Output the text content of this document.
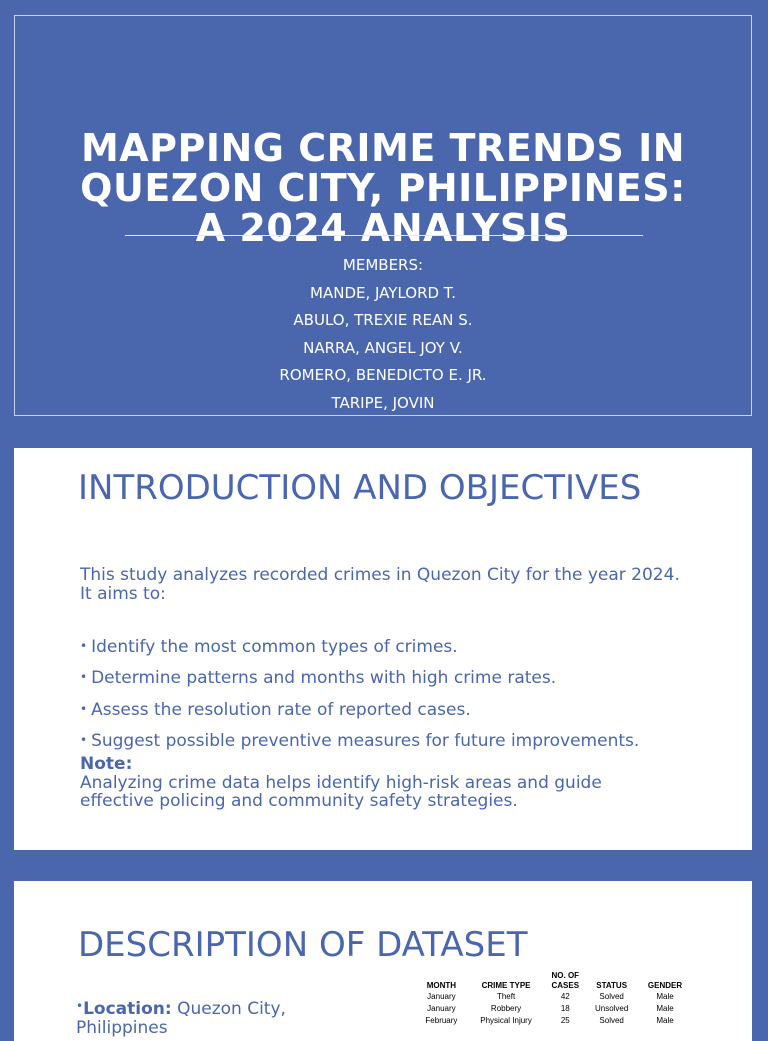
MAPPING CRIME TRENDS IN
QUEZON CITY, PHILIPPINES:
A 2024 ANALYSIS
MEMBERS:
MANDE, JAYLORD T.
ABULO, TREXIE REAN S.
NARRA, ANGEL JOY V.
ROMERO, BENEDICTO E. JR.
TARIPE, JOVIN
INTRODUCTION AND OBJECTIVES
This study analyzes recorded crimes in Quezon City for the year 2024.
It aims to:
• Identify the most common types of crimes.
• Determine patterns and months with high crime rates.
• Assess the resolution rate of reported cases.
• Suggest possible preventive measures for future improvements.
Note:
Analyzing crime data helps identify high-risk areas and guide effective policing and community safety strategies.
DESCRIPTION OF DATASET
•Location: Quezon City, Philippines
MONTH	CRIME TYPE	NO. OF CASES	STATUS	GENDER
January	Theft	42	Solved	Male
January	Robbery	18	Unsolved	Male
February	Physical Injury	25	Solved	Male
